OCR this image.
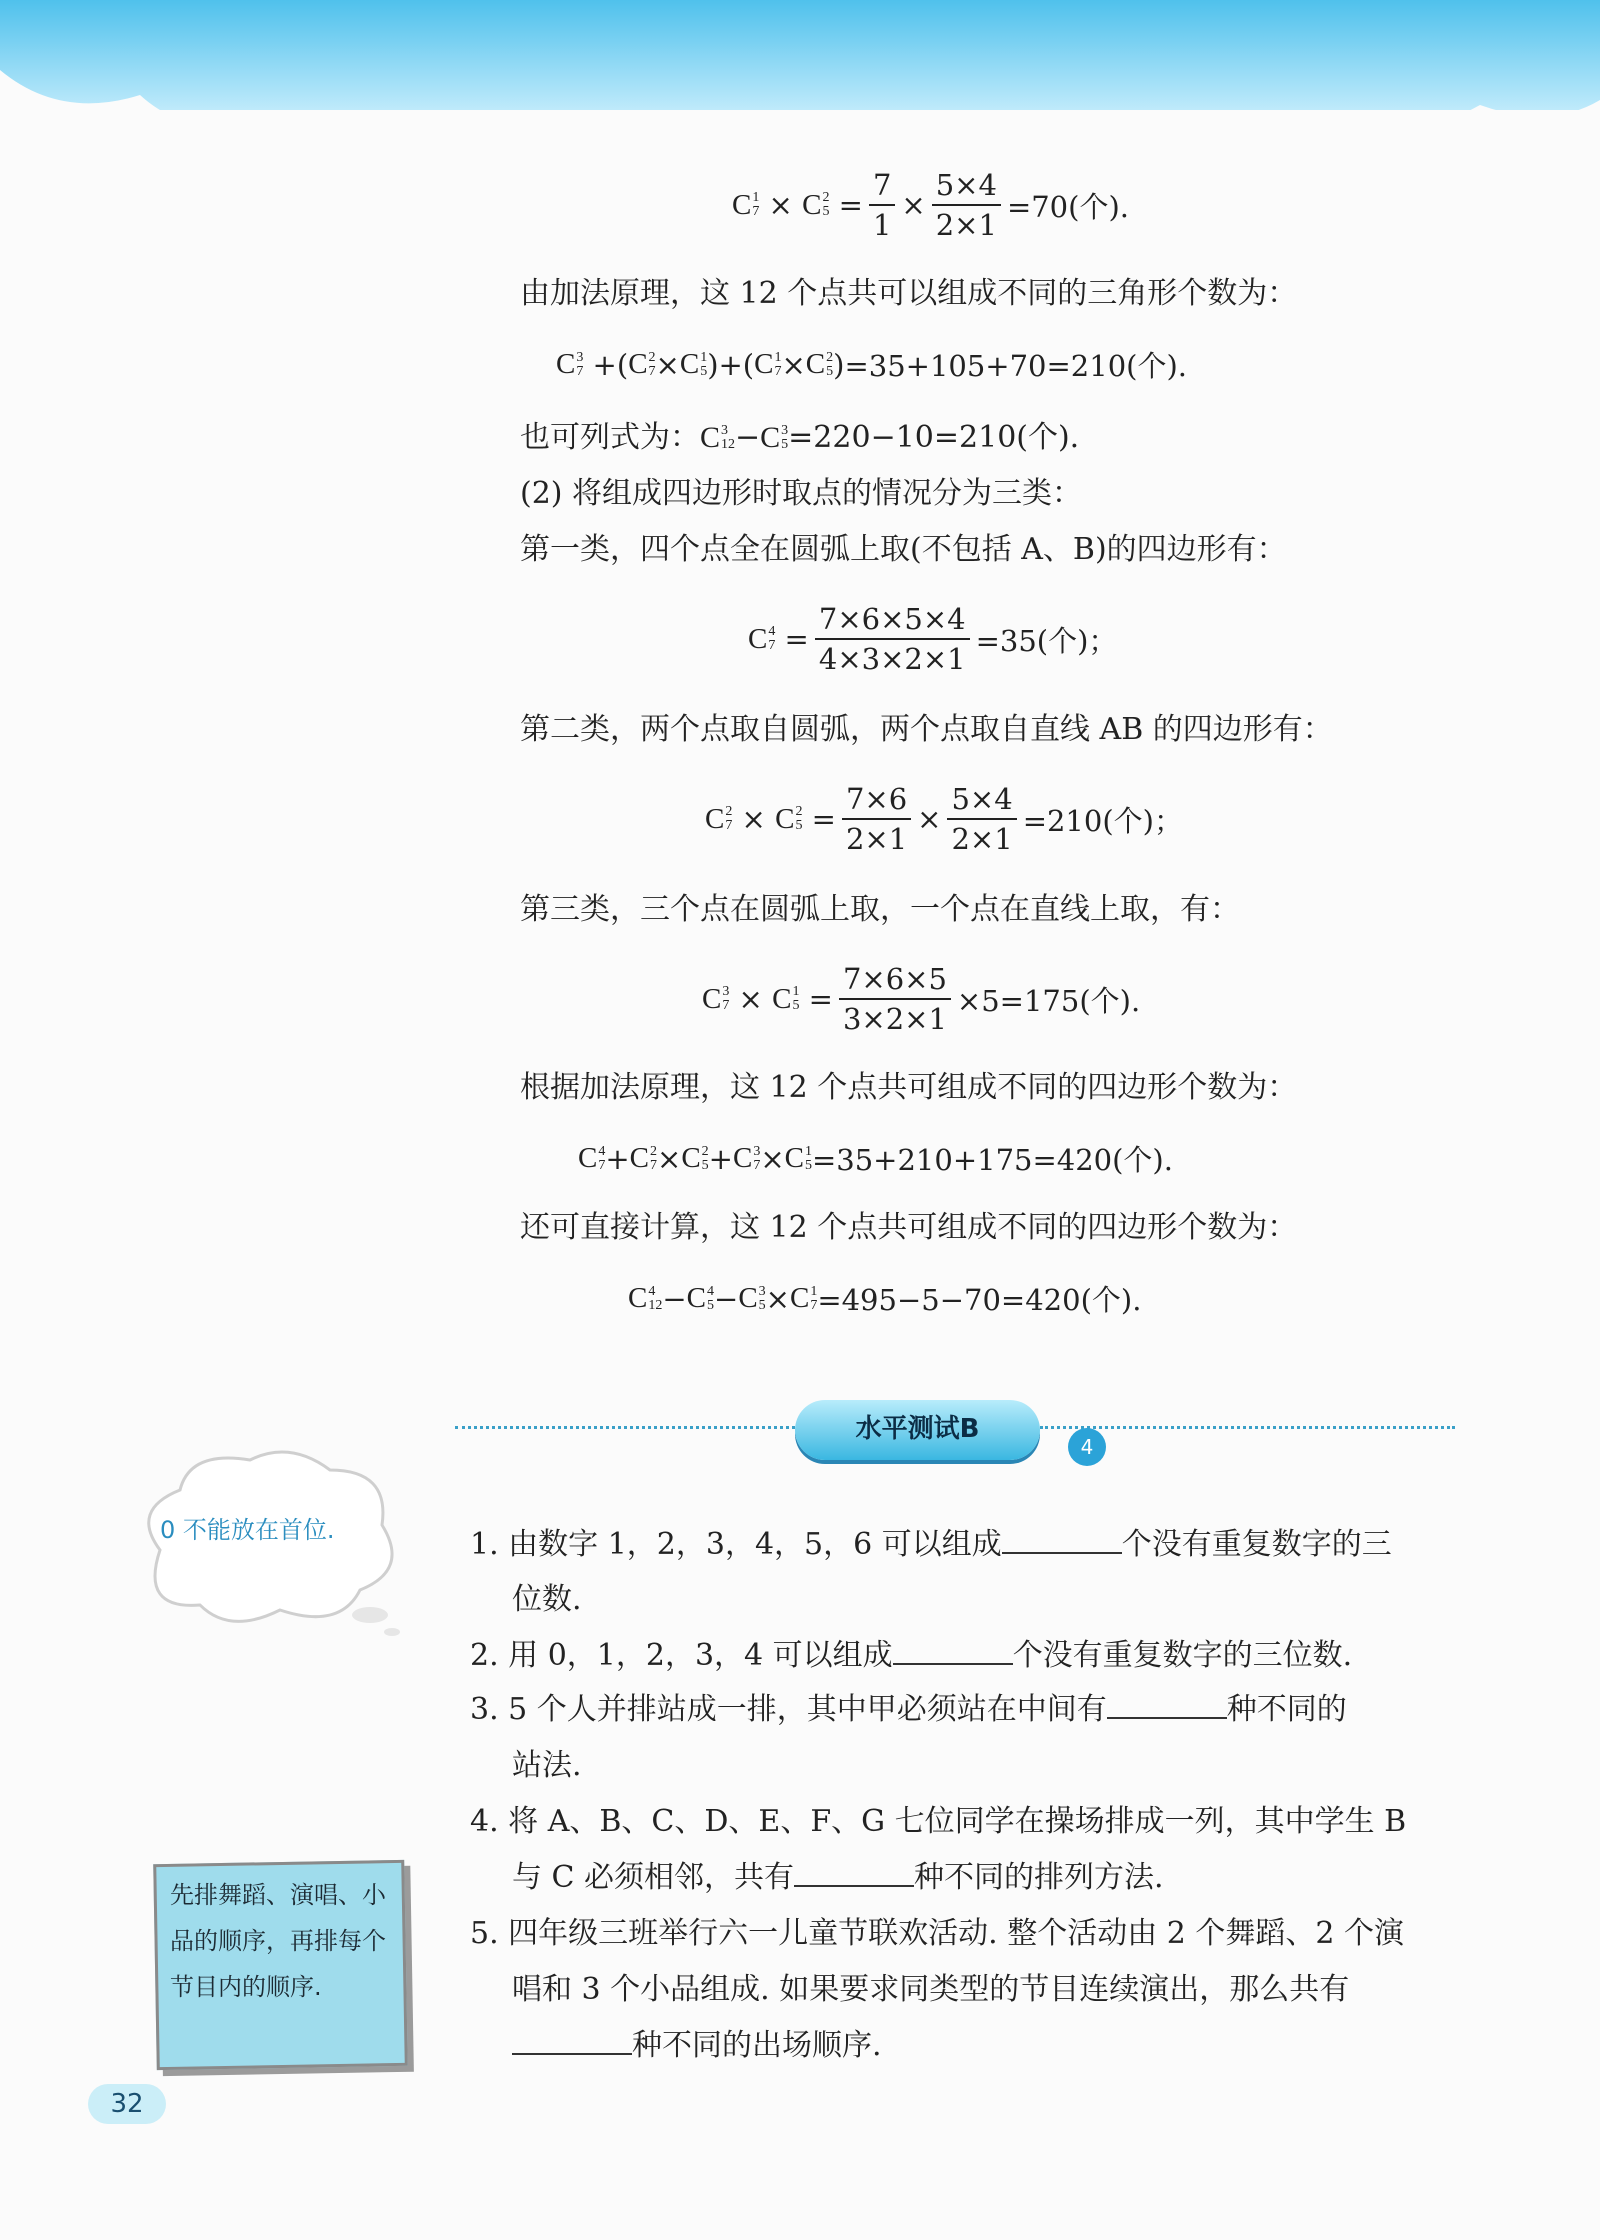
C 1
7 × C 2
$5 = \frac{7}{1} \times \frac{5\times 4}{2\times 1} =70$(个).
由加法原理，这 12 个点共可以组成不同的三角形个数为：
C 3
7 +( C 2
7 × C 1
5 )+( C 1
7 × C 2
5 ) =35+105+70=210(个).
也可列式为：C 3
12 −C 3
5 =220−10=210(个).
(2) 将组成四边形时取点的情况分为三类：
第一类，四个点全在圆弧上取(不包括 A、B)的四边形有：
C 4
$7 = \frac{7\times 6\times 5\times 4}{4\times 3\times 2\times 1} =35$(个)；
第二类，两个点取自圆弧，两个点取自直线 AB 的四边形有：
C 2
7 × C 2
$5 = \frac{7\times 6}{2\times 1} \times \frac{5\times 4}{2\times 1} =210$(个)；
第三类，三个点在圆弧上取，一个点在直线上取，有：
C 3
7 × C 1
$5 = \frac{7\times 6\times 5}{3\times 2\times 1} \times 5=175$(个).
根据加法原理，这 12 个点共可组成不同的四边形个数为：
C 4
7 + C 2
7 × C 2
5 + C 3
7 × C 1
5 =35+210+175=420(个).
还可直接计算，这 12 个点共可组成不同的四边形个数为：
C 4
12 − C 4
5 − C 3
5 × C 1
7 =495−5−70=420(个).
水平测试B
4
0 不能放在首位.	1. 由数字 1，2，3，4，5，6 可以组成	个没有重复数字的三
位数.
2. 用 0，1，2，3，4 可以组成	个没有重复数字的三位数.
3. 5 个人并排站成一排，其中甲必须站在中间有	种不同的
站法.
4. 将 A、B、C、D、E、F、G 七位同学在操场排成一列，其中学生 B
与 C 必须相邻，共有	种不同的排列方法.
5. 四年级三班举行六一儿童节联欢活动. 整个活动由 2 个舞蹈、2 个演
唱和 3 个小品组成. 如果要求同类型的节目连续演出，那么共有
种不同的出场顺序.
先排舞蹈、演唱、小品的顺序，再排每个节目内的顺序.
32
